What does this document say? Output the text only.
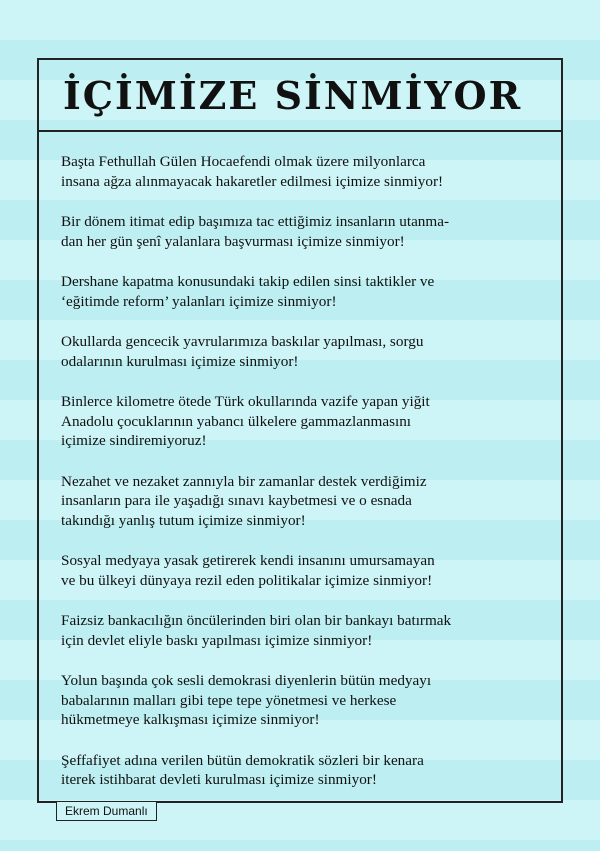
İÇİMİZE SİNMİYOR

Başta Fethullah Gülen Hocaefendi olmak üzere milyonlarca
insana ağza alınmayacak hakaretler edilmesi içimize sinmiyor!

Bir dönem itimat edip başımıza tac ettiğimiz insanların utanma-
dan her gün şenî yalanlara başvurması içimize sinmiyor!

Dershane kapatma konusundaki takip edilen sinsi taktikler ve
‘eğitimde reform’ yalanları içimize sinmiyor!

Okullarda gencecik yavrularımıza baskılar yapılması, sorgu
odalarının kurulması içimize sinmiyor!

Binlerce kilometre ötede Türk okullarında vazife yapan yiğit
Anadolu çocuklarının yabancı ülkelere gammazlanmasını
içimize sindiremiyoruz!

Nezahet ve nezaket zannıyla bir zamanlar destek verdiğimiz
insanların para ile yaşadığı sınavı kaybetmesi ve o esnada
takındığı yanlış tutum içimize sinmiyor!

Sosyal medyaya yasak getirerek kendi insanını umursamayan
ve bu ülkeyi dünyaya rezil eden politikalar içimize sinmiyor!

Faizsiz bankacılığın öncülerinden biri olan bir bankayı batırmak
için devlet eliyle baskı yapılması içimize sinmiyor!

Yolun başında çok sesli demokrasi diyenlerin bütün medyayı
babalarının malları gibi tepe tepe yönetmesi ve herkese
hükmetmeye kalkışması içimize sinmiyor!

Şeffafiyet adına verilen bütün demokratik sözleri bir kenara
iterek istihbarat devleti kurulması içimize sinmiyor!

Ekrem Dumanlı
